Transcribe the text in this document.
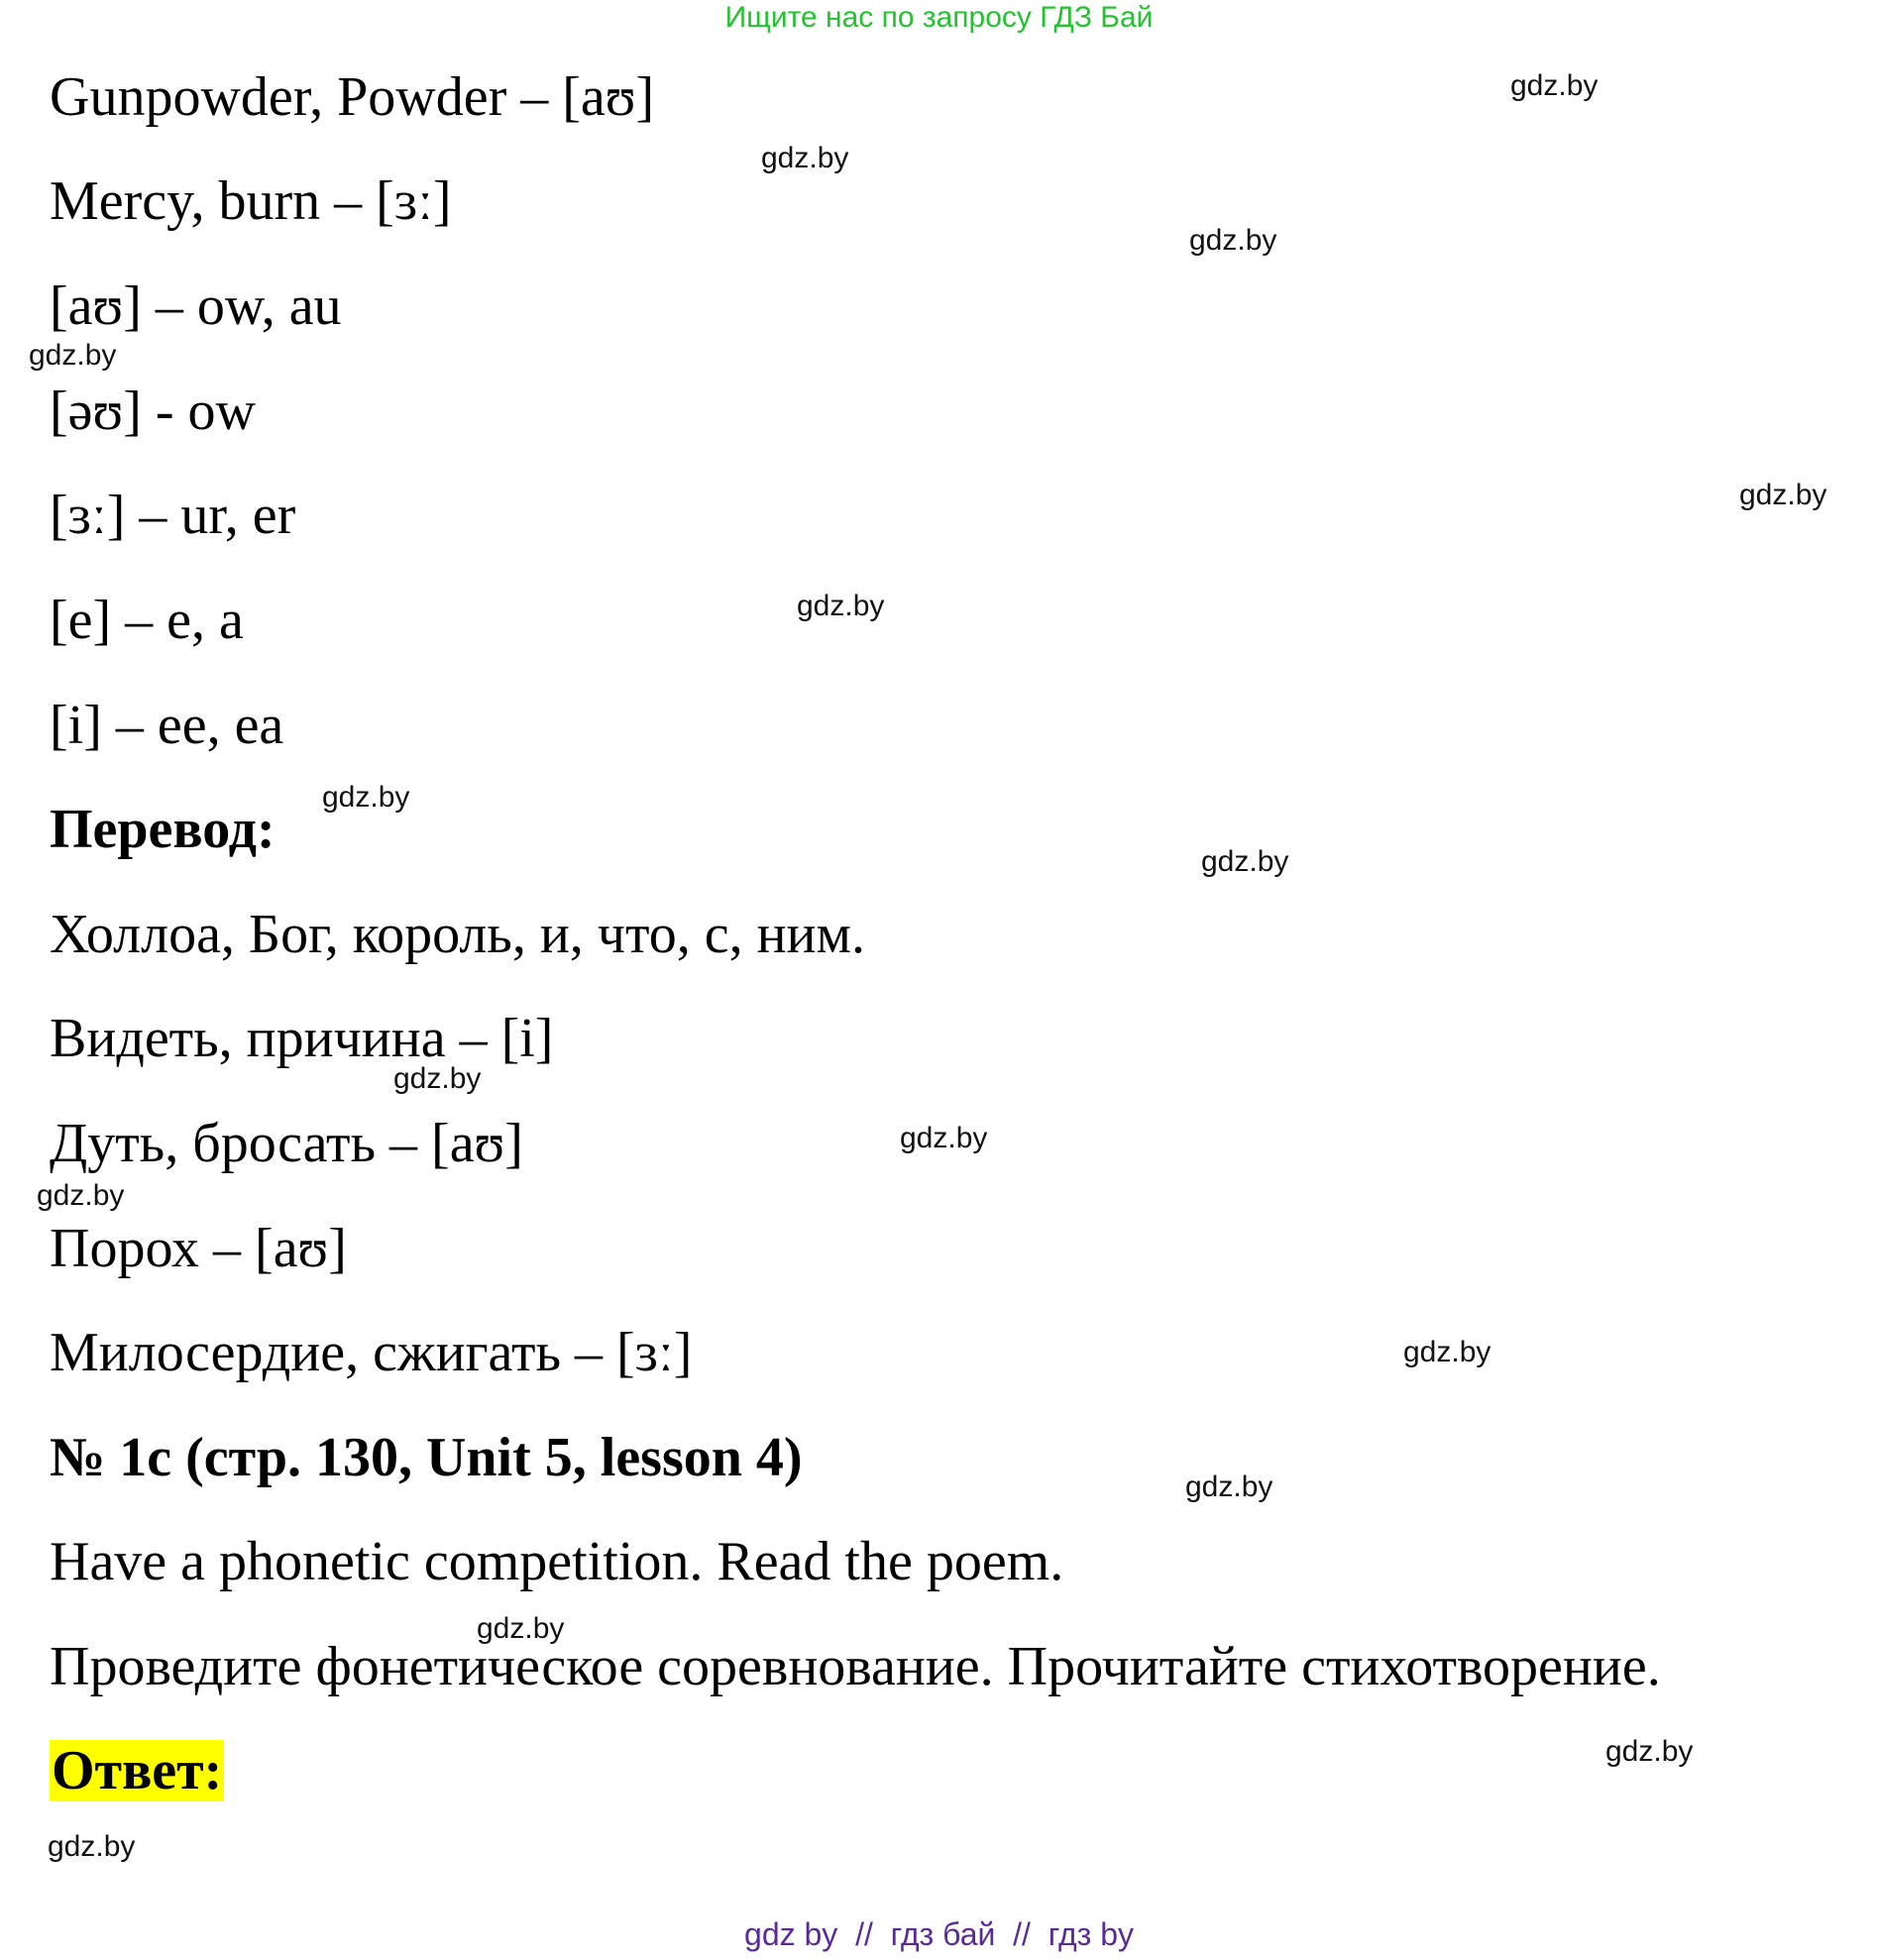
Ищите нас по запросу ГДЗ Бай
Gunpowder, Powder – [aʊ]
Mercy, burn – [ɜː]
[aʊ] – ow, au
[əʊ] - ow
[ɜː] – ur, er
[e] – e, a
[i] – ee, ea
Перевод:
Холлоа, Бог, король, и, что, с, ним.
Видеть, причина – [i]
Дуть, бросать – [aʊ]
Порох – [aʊ]
Милосердие, сжигать – [ɜː]
№ 1c (стр. 130, Unit 5, lesson 4)
Have a phonetic competition. Read the poem.
Проведите фонетическое соревнование. Прочитайте стихотворение.
Ответ:
gdz.by
gdz.by
gdz.by
gdz.by
gdz.by
gdz.by
gdz.by
gdz.by
gdz.by
gdz.by
gdz.by
gdz.by
gdz.by
gdz.by
gdz.by
gdz.by
gdz by  //  гдз бай  //  гдз by
